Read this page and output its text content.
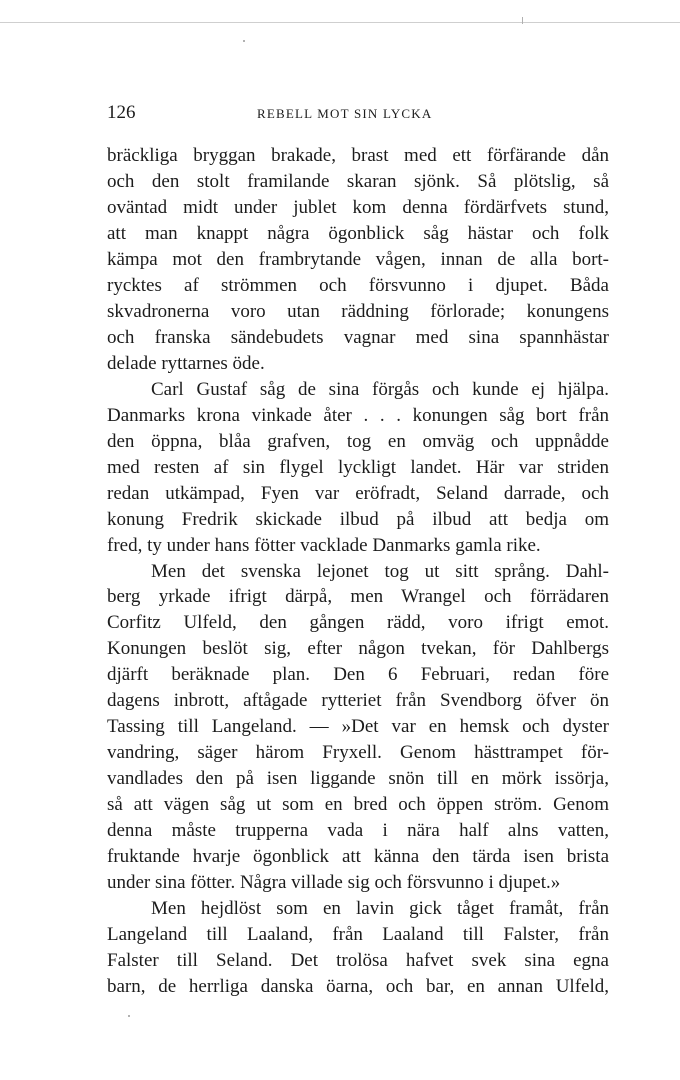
126	REBELL MOT SIN LYCKA
bräckliga bryggan brakade, brast med ett förfärande dån
och den stolt framilande skaran sjönk. Så plötslig, så
oväntad midt under jublet kom denna fördärfvets stund,
att man knappt några ögonblick såg hästar och folk
kämpa mot den frambrytande vågen, innan de alla bort-
rycktes af strömmen och försvunno i djupet. Båda
skvadronerna voro utan räddning förlorade; konungens
och franska sändebudets vagnar med sina spannhästar
delade ryttarnes öde.
Carl Gustaf såg de sina förgås och kunde ej hjälpa.
Danmarks krona vinkade åter . . . konungen såg bort från
den öppna, blåa grafven, tog en omväg och uppnådde
med resten af sin flygel lyckligt landet. Här var striden
redan utkämpad, Fyen var eröfradt, Seland darrade, och
konung Fredrik skickade ilbud på ilbud att bedja om
fred, ty under hans fötter vacklade Danmarks gamla rike.
Men det svenska lejonet tog ut sitt språng. Dahl-
berg yrkade ifrigt därpå, men Wrangel och förrädaren
Corfitz Ulfeld, den gången rädd, voro ifrigt emot.
Konungen beslöt sig, efter någon tvekan, för Dahlbergs
djärft beräknade plan. Den 6 Februari, redan före
dagens inbrott, aftågade rytteriet från Svendborg öfver ön
Tassing till Langeland. — »Det var en hemsk och dyster
vandring, säger härom Fryxell. Genom hästtrampet för-
vandlades den på isen liggande snön till en mörk issörja,
så att vägen såg ut som en bred och öppen ström. Genom
denna måste trupperna vada i nära half alns vatten,
fruktande hvarje ögonblick att känna den tärda isen brista
under sina fötter. Några villade sig och försvunno i djupet.»
Men hejdlöst som en lavin gick tåget framåt, från
Langeland till Laaland, från Laaland till Falster, från
Falster till Seland. Det trolösa hafvet svek sina egna
barn, de herrliga danska öarna, och bar, en annan Ulfeld,
